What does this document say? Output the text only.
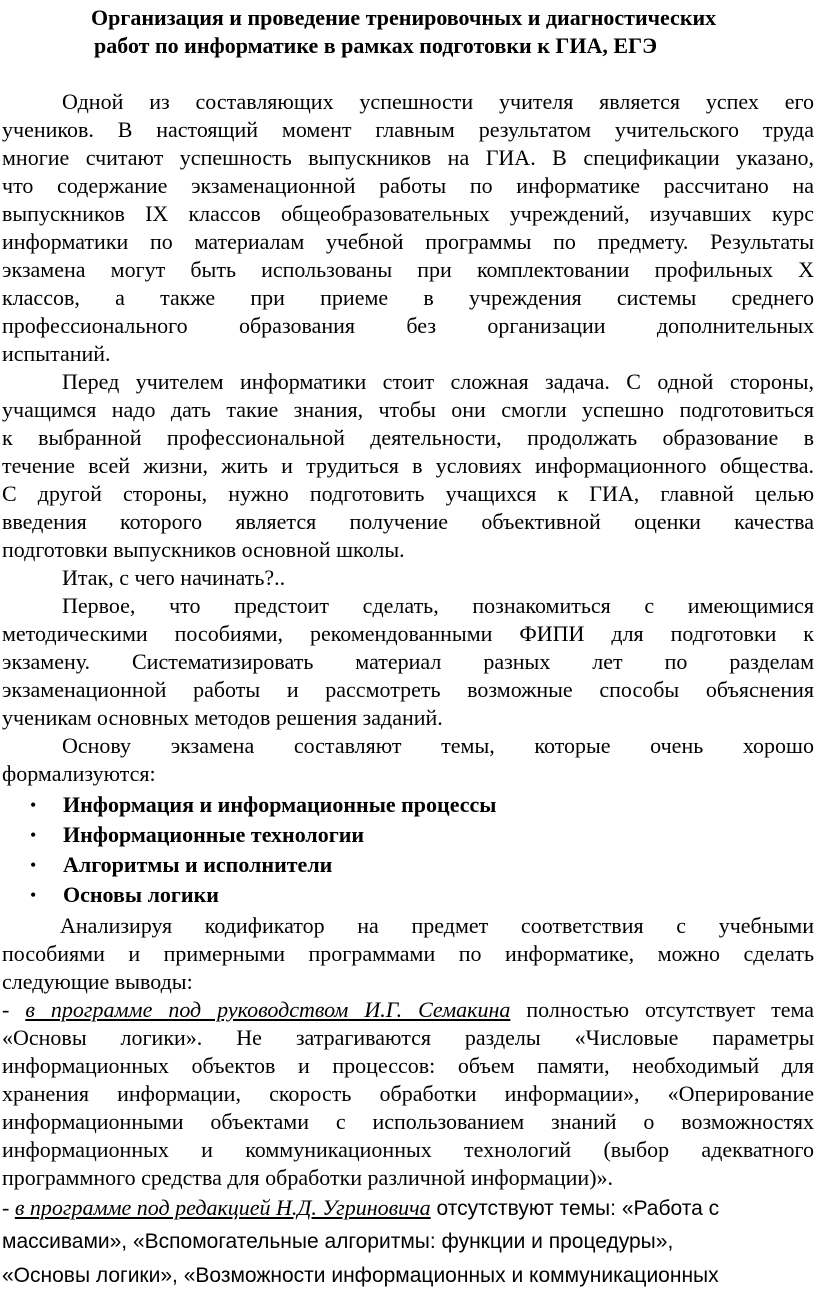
Организация и проведение тренировочных и диагностических
работ по информатике в рамках подготовки к ГИА, ЕГЭ
Одной из составляющих успешности учителя является успех его
учеников. В настоящий момент главным результатом учительского труда
многие считают успешность выпускников на ГИА. В спецификации указано,
что содержание экзаменационной работы по информатике рассчитано на
выпускников IX классов общеобразовательных учреждений, изучавших курс
информатики по материалам учебной программы по предмету. Результаты
экзамена могут быть использованы при комплектовании профильных Х
классов, а также при приеме в учреждения системы среднего
профессионального образования без организации дополнительных
испытаний.
Перед учителем информатики стоит сложная задача. С одной стороны,
учащимся надо дать такие знания, чтобы они смогли успешно подготовиться
к выбранной профессиональной деятельности, продолжать образование в
течение всей жизни, жить и трудиться в условиях информационного общества.
С другой стороны, нужно подготовить учащихся к ГИА, главной целью
введения которого является получение объективной оценки качества
подготовки выпускников основной школы.
Итак, с чего начинать?..
Первое, что предстоит сделать, познакомиться с имеющимися
методическими пособиями, рекомендованными ФИПИ для подготовки к
экзамену. Систематизировать материал разных лет по разделам
экзаменационной работы и рассмотреть возможные способы объяснения
ученикам основных методов решения заданий.
Основу экзамена составляют темы, которые очень хорошо
формализуются:
• Информация и информационные процессы
• Информационные технологии
• Алгоритмы и исполнители
• Основы логики
Анализируя кодификатор на предмет соответствия с учебными
пособиями и примерными программами по информатике, можно сделать
следующие выводы:
- в программе под руководством И.Г. Семакина полностью отсутствует тема
«Основы логики». Не затрагиваются разделы «Числовые параметры
информационных объектов и процессов: объем памяти, необходимый для
хранения информации, скорость обработки информации», «Оперирование
информационными объектами с использованием знаний о возможностях
информационных и коммуникационных технологий (выбор адекватного
программного средства для обработки различной информации)».
- в программе под редакцией Н.Д. Угриновича отсутствуют темы: «Работа с
массивами», «Вспомогательные алгоритмы: функции и процедуры»,
«Основы логики», «Возможности информационных и коммуникационных
